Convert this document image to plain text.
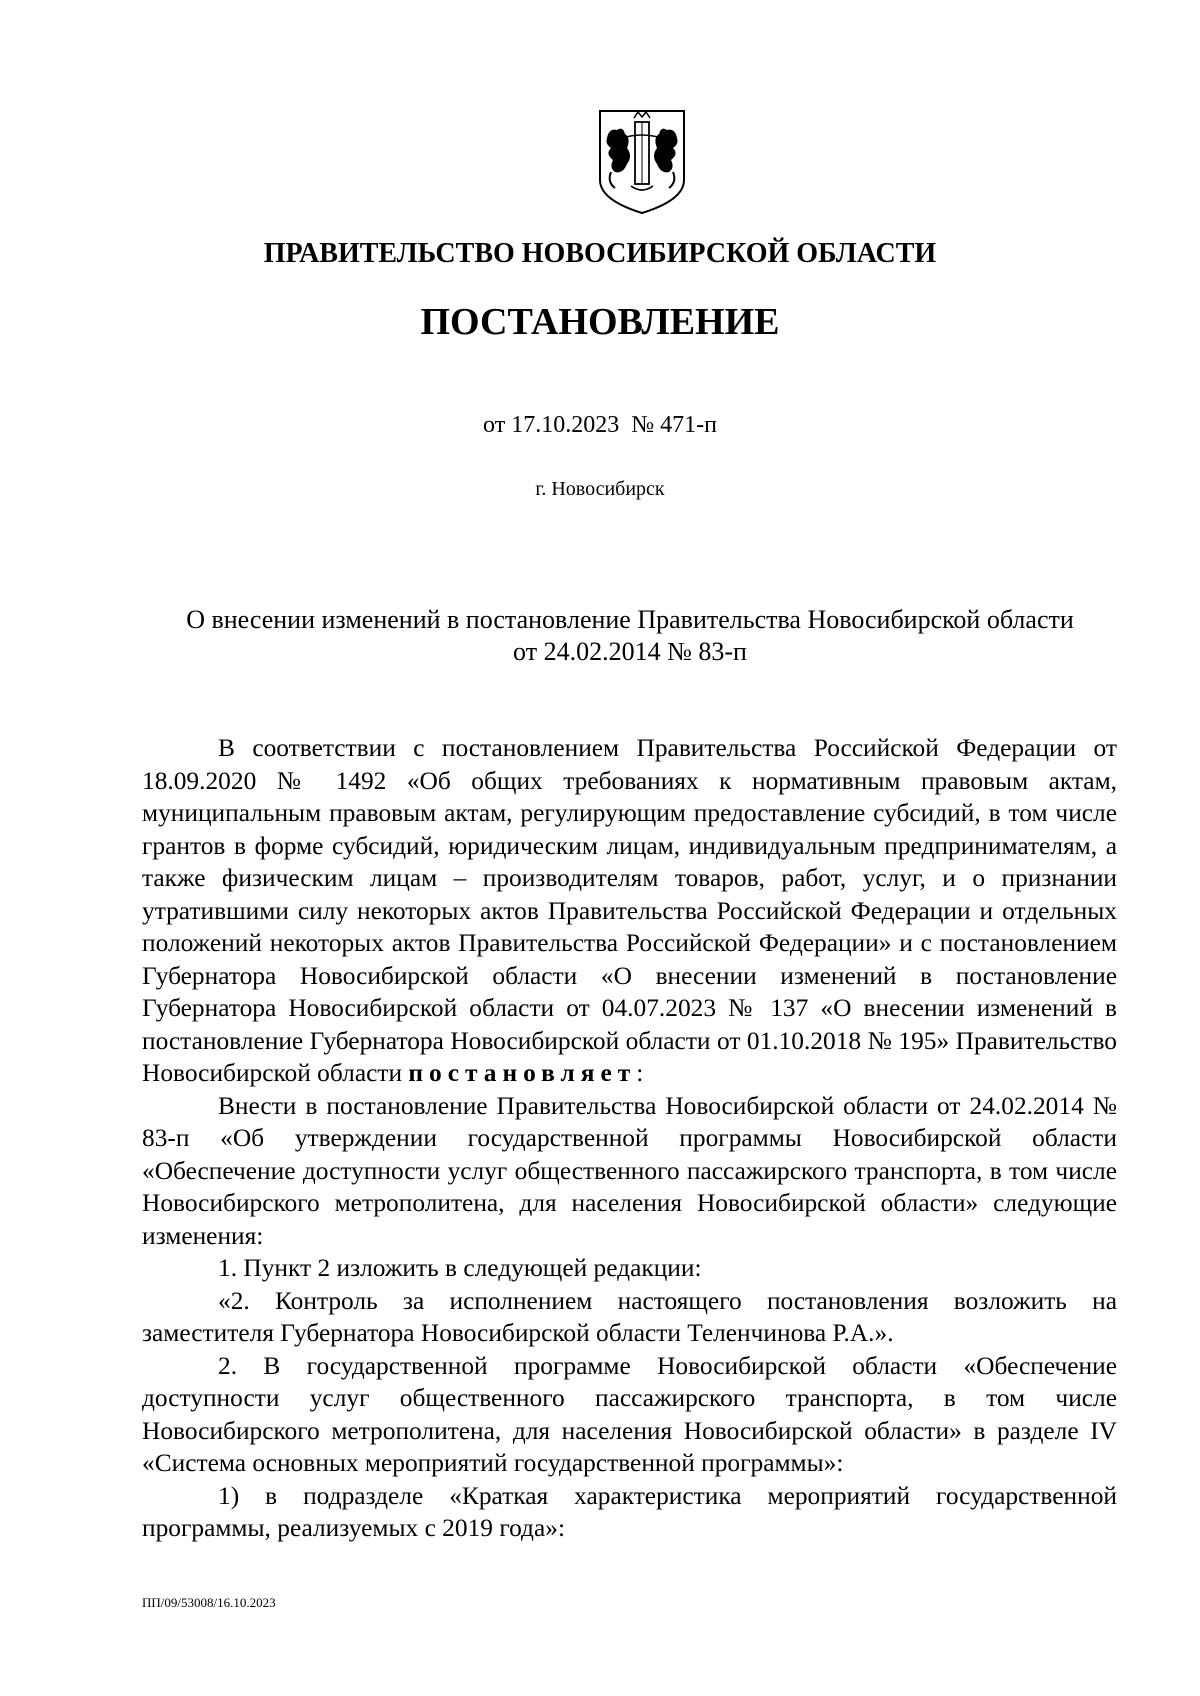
ПРАВИТЕЛЬСТВО НОВОСИБИРСКОЙ ОБЛАСТИ
ПОСТАНОВЛЕНИЕ
от 17.10.2023  № 471-п
г. Новосибирск
О внесении изменений в постановление Правительства Новосибирской области
от 24.02.2014 № 83-п

В соответствии с постановлением Правительства Российской Федерации от 18.09.2020 № 1492 «Об общих требованиях к нормативным правовым актам, муниципальным правовым актам, регулирующим предоставление субсидий, в том числе грантов в форме субсидий, юридическим лицам, индивидуальным предпринимателям, а также физическим лицам – производителям товаров, работ, услуг, и о признании утратившими силу некоторых актов Правительства Российской Федерации и отдельных положений некоторых актов Правительства Российской Федерации» и с постановлением Губернатора Новосибирской области «О внесении изменений в постановление Губернатора Новосибирской области от 04.07.2023 № 137 «О внесении изменений в постановление Губернатора Новосибирской области от 01.10.2018 № 195» Правительство Новосибирской области постановляет:

Внести в постановление Правительства Новосибирской области от 24.02.2014 № 83-п «Об утверждении государственной программы Новосибирской области «Обеспечение доступности услуг общественного пассажирского транспорта, в том числе Новосибирского метрополитена, для населения Новосибирской области» следующие изменения:

1. Пункт 2 изложить в следующей редакции:

«2. Контроль за исполнением настоящего постановления возложить на заместителя Губернатора Новосибирской области Теленчинова Р.А.».

2. В государственной программе Новосибирской области «Обеспечение доступности услуг общественного пассажирского транспорта, в том числе Новосибирского метрополитена, для населения Новосибирской области» в разделе IV «Система основных мероприятий государственной программы»:

1) в подразделе «Краткая характеристика мероприятий государственной программы, реализуемых с 2019 года»:

ПП/09/53008/16.10.2023
